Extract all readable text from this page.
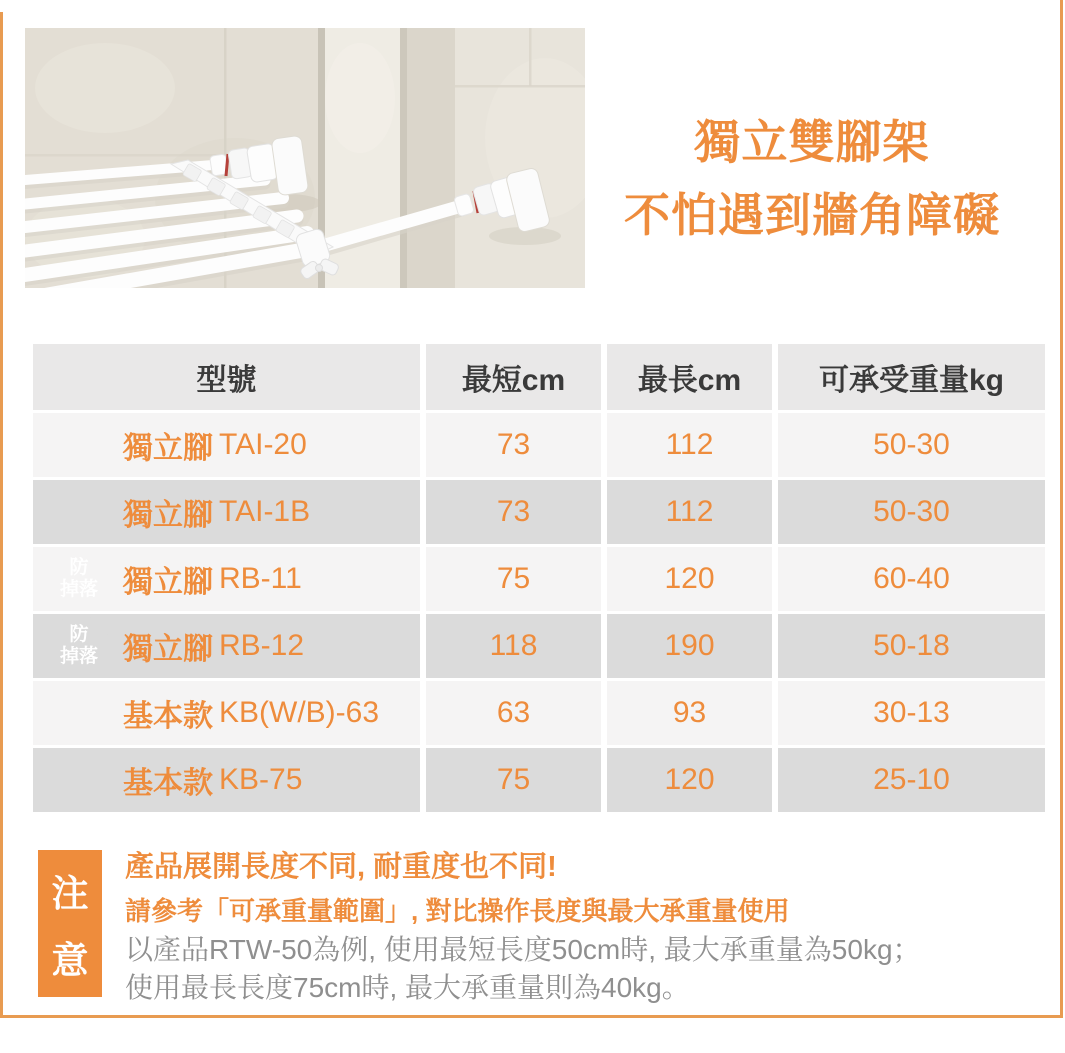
獨立雙腳架
不怕遇到牆角障礙
型號	最短cm	最長cm	可承受重量kg
獨立腳 TAI-20	73	112	50-30
獨立腳 TAI-1B	73	112	50-30
防
掉落 獨立腳 RB-11	75	120	60-40
防
掉落 獨立腳 RB-12	118	190	50-18
基本款 KB(W/B)-63	63	93	30-13
基本款 KB-75	75	120	25-10
注
意
產品展開長度不同, 耐重度也不同!
請參考「可承重量範圍」, 對比操作長度與最大承重量使用
以產品RTW-50為例, 使用最短長度50cm時, 最大承重量為50kg；
使用最長長度75cm時, 最大承重量則為40kg。
